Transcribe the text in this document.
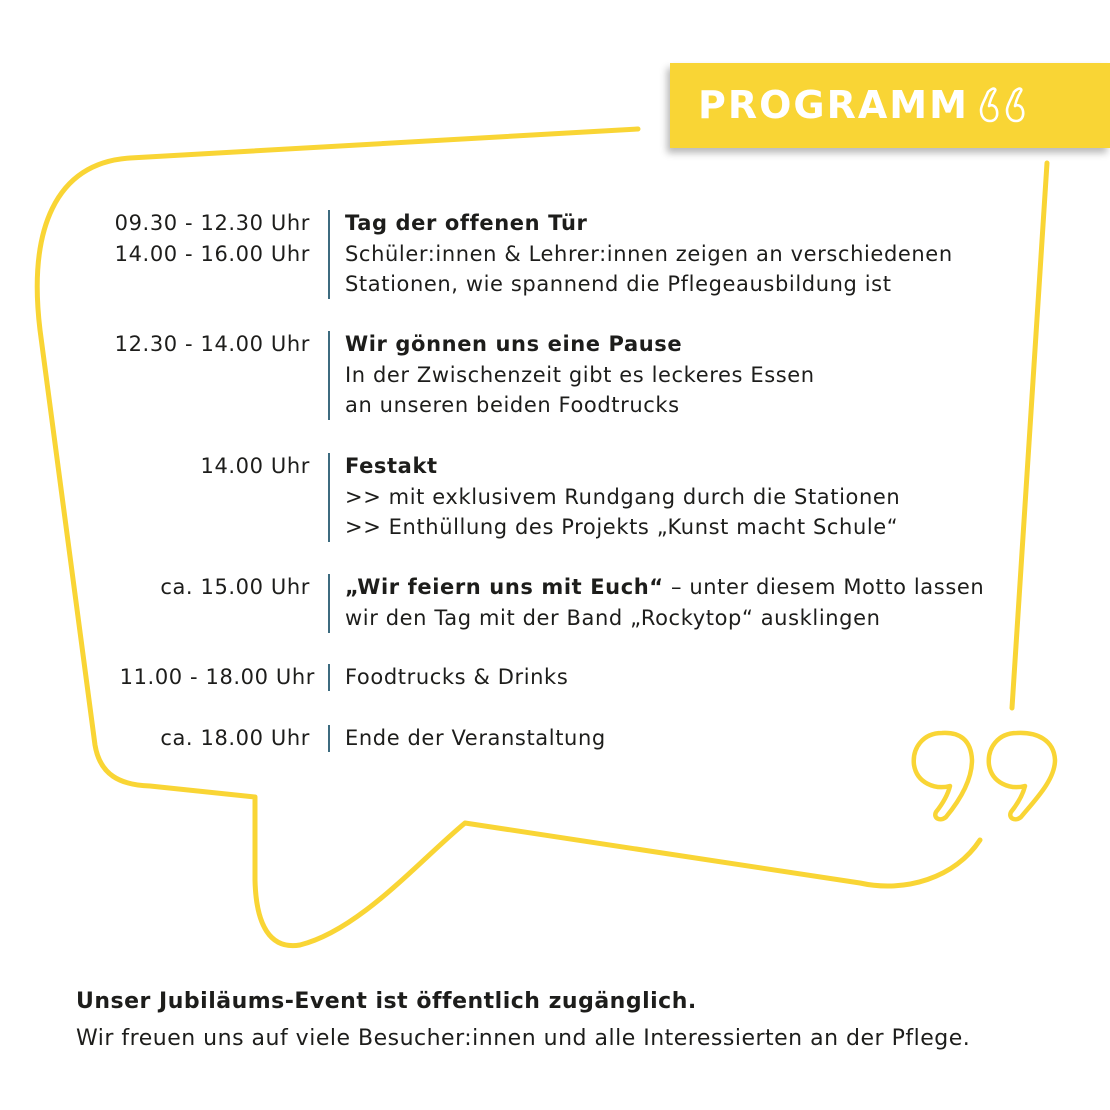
PROGRAMM
09.30 - 12.30 Uhr
14.00 - 16.00 Uhr
Tag der offenen Tür
Schüler:innen & Lehrer:innen zeigen an verschiedenen
Stationen, wie spannend die Pflegeausbildung ist
12.30 - 14.00 Uhr Wir gönnen uns eine Pause
In der Zwischenzeit gibt es leckeres Essen
an unseren beiden Foodtrucks
14.00 Uhr Festakt
>> mit exklusivem Rundgang durch die Stationen
>> Enthüllung des Projekts „Kunst macht Schule“
ca. 15.00 Uhr „Wir feiern uns mit Euch“ – unter diesem Motto lassen
wir den Tag mit der Band „Rockytop“ ausklingen
11.00 - 18.00 Uhr Foodtrucks & Drinks
ca. 18.00 Uhr Ende der Veranstaltung
Unser Jubiläums-Event ist öffentlich zugänglich.
Wir freuen uns auf viele Besucher:innen und alle Interessierten an der Pflege.
